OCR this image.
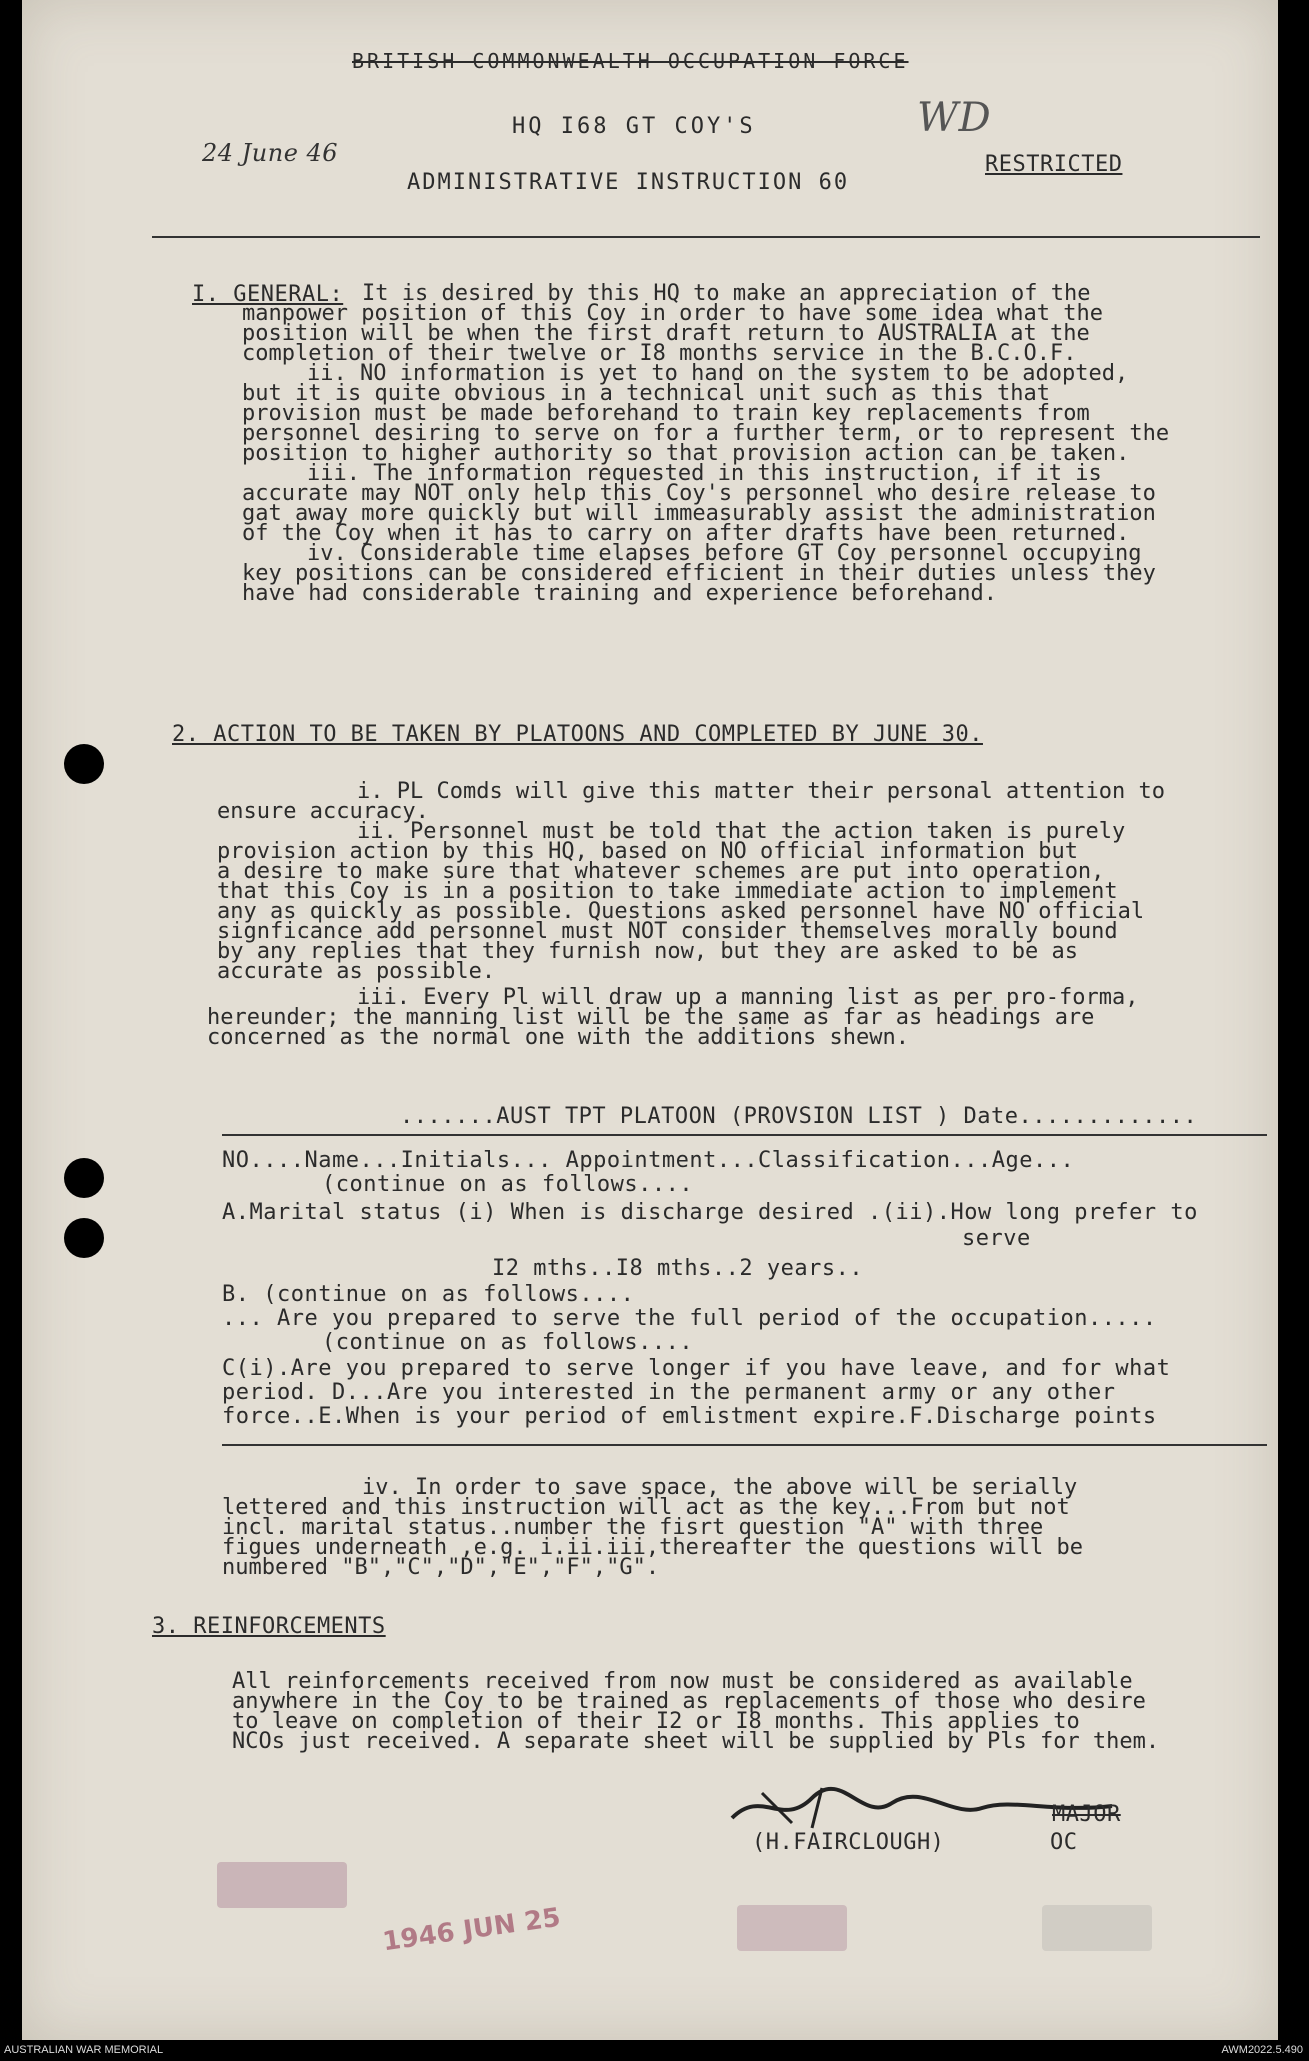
BRITISH COMMONWEALTH OCCUPATION FORCE
HQ I68 GT COY'S	WD
24 June 46
ADMINISTRATIVE INSTRUCTION 60
RESTRICTED
I. GENERAL: It is desired by this HQ to make an appreciation of the
manpower position of this Coy in order to have some idea what the
position will be when the first draft return to AUSTRALIA at the
completion of their twelve or I8 months service in the B.C.O.F.
ii. NO information is yet to hand on the system to be adopted,
but it is quite obvious in a technical unit such as this that
provision must be made beforehand to train key replacements from
personnel desiring to serve on for a further term, or to represent the
position to higher authority so that provision action can be taken.
iii. The information requested in this instruction, if it is
accurate may NOT only help this Coy's personnel who desire release to
gat away more quickly but will immeasurably assist the administration
of the Coy when it has to carry on after drafts have been returned.
iv. Considerable time elapses before GT Coy personnel occupying
key positions can be considered efficient in their duties unless they
have had considerable training and experience beforehand.
2. ACTION TO BE TAKEN BY PLATOONS AND COMPLETED BY JUNE 30.
i. PL Comds will give this matter their personal attention to
ensure accuracy.
ii. Personnel must be told that the action taken is purely
provision action by this HQ, based on NO official information but
a desire to make sure that whatever schemes are put into operation,
that this Coy is in a position to take immediate action to implement
any as quickly as possible. Questions asked personnel have NO official
signficance add personnel must NOT consider themselves morally bound
by any replies that they furnish now, but they are asked to be as
accurate as possible.
iii. Every Pl will draw up a manning list as per pro-forma,
hereunder; the manning list will be the same as far as headings are
concerned as the normal one with the additions shewn.
.......AUST TPT PLATOON (PROVSION LIST ) Date.............
NO....Name...Initials... Appointment...Classification...Age...
(continue on as follows....
A.Marital status (i) When is discharge desired .(ii).How long prefer to
serve
I2 mths..I8 mths..2 years..
B. (continue on as follows....
... Are you prepared to serve the full period of the occupation.....
(continue on as follows....
C(i).Are you prepared to serve longer if you have leave, and for what
period. D...Are you interested in the permanent army or any other
force..E.When is your period of emlistment expire.F.Discharge points
iv. In order to save space, the above will be serially
lettered and this instruction will act as the key...From but not
incl. marital status..number the fisrt question "A" with three
figues underneath ,e.g. i.ii.iii,thereafter the questions will be
numbered "B","C","D","E","F","G".
3. REINFORCEMENTS
All reinforcements received from now must be considered as available
anywhere in the Coy to be trained as replacements of those who desire
to leave on completion of their I2 or I8 months. This applies to
NCOs just received. A separate sheet will be supplied by Pls for them.
MAJOR
(H.FAIRCLOUGH)	OC
1946 JUN 25
AUSTRALIAN WAR MEMORIAL	AWM2022.5.490
